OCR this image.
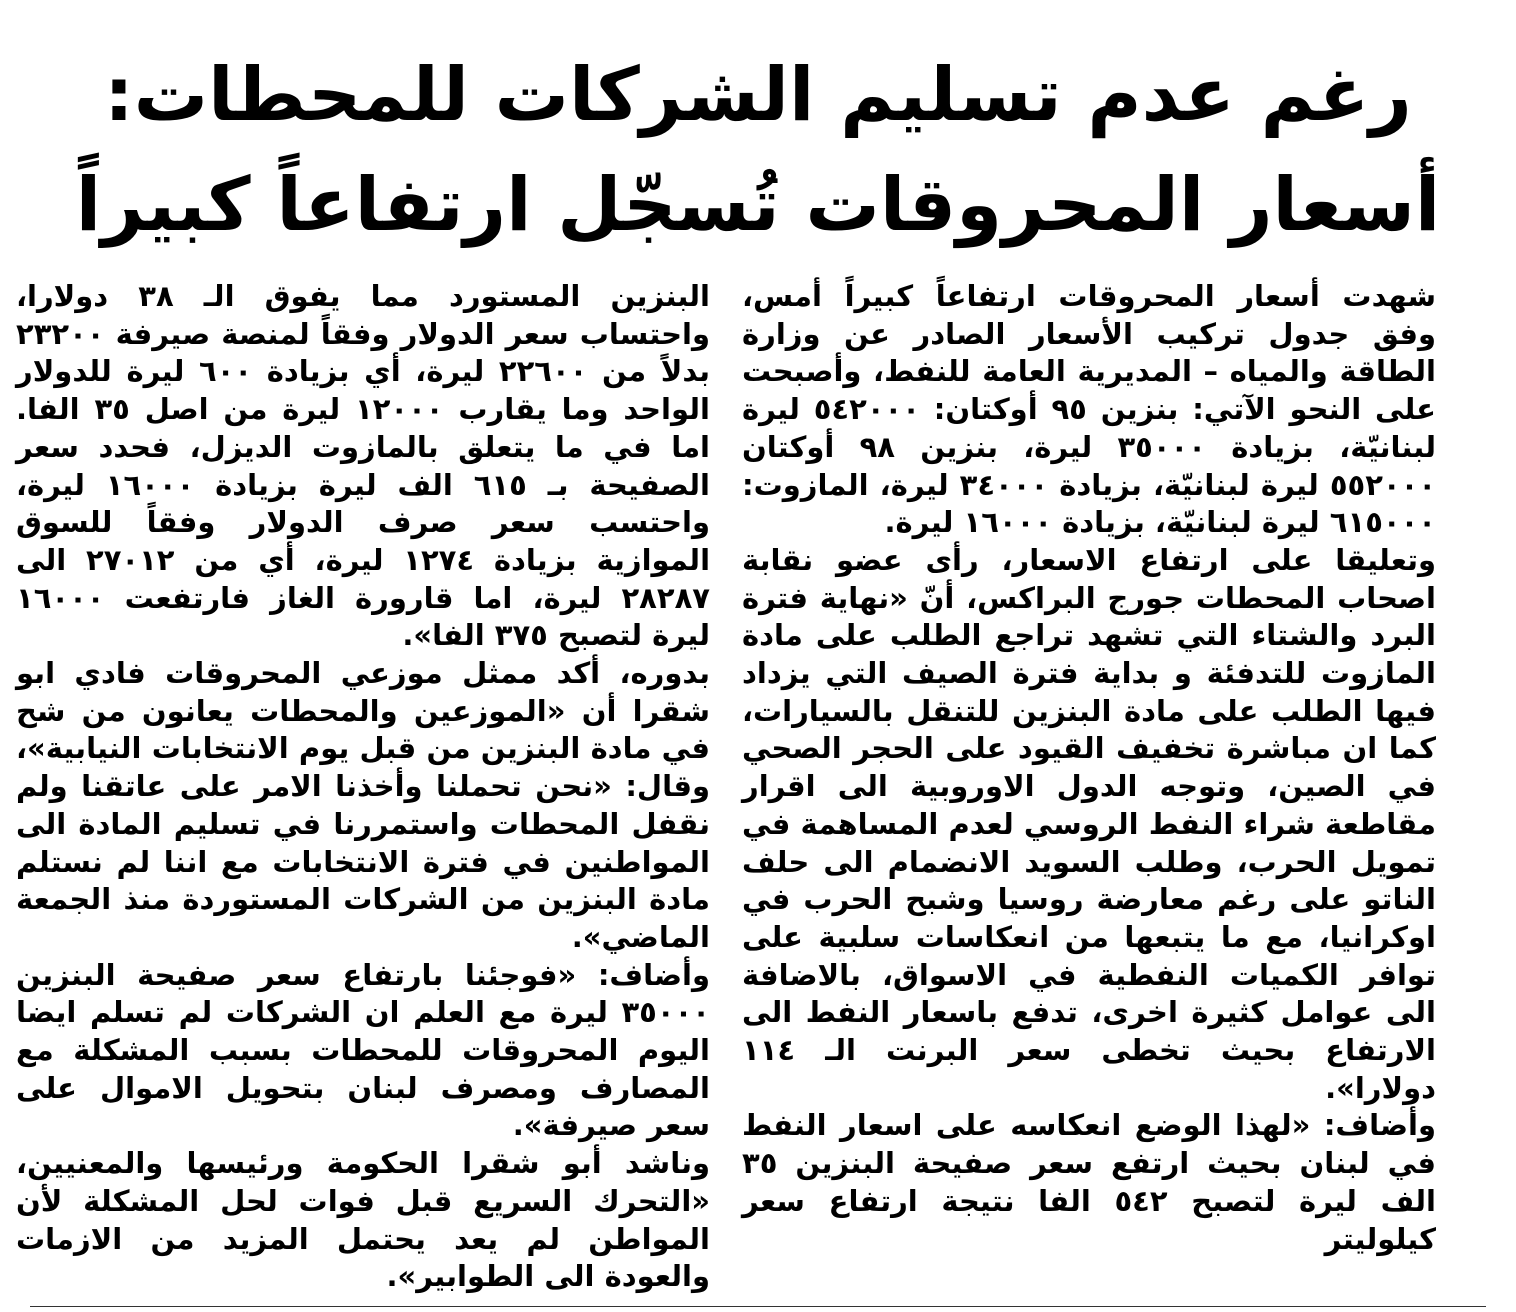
رغم عدم تسليم الشركات للمحطات:
أسعار المحروقات تُسجّل ارتفاعاً كبيراً

شهدت أسعار المحروقات ارتفاعاً كبيراً أمس، وفق جدول تركيب الأسعار الصادر عن وزارة الطاقة والمياه – المديرية العامة للنفط، وأصبحت على النحو الآتي: بنزين ٩٥ أوكتان: ٥٤٢٠٠٠ ليرة لبنانيّة، بزيادة ٣٥٠٠٠ ليرة، بنزين ٩٨ أوكتان ٥٥٢٠٠٠ ليرة لبنانيّة، بزيادة ٣٤٠٠٠ ليرة، المازوت: ٦١٥٠٠٠ ليرة لبنانيّة، بزيادة ١٦٠٠٠ ليرة.

وتعليقا على ارتفاع الاسعار، رأى عضو نقابة اصحاب المحطات جورج البراكس، أنّ «نهاية فترة البرد والشتاء التي تشهد تراجع الطلب على مادة المازوت للتدفئة و بداية فترة الصيف التي يزداد فيها الطلب على مادة البنزين للتنقل بالسيارات، كما ان مباشرة تخفيف القيود على الحجر الصحي في الصين، وتوجه الدول الاوروبية الى اقرار مقاطعة شراء النفط الروسي لعدم المساهمة في تمويل الحرب، وطلب السويد الانضمام الى حلف الناتو على رغم معارضة روسيا وشبح الحرب في اوكرانيا، مع ما يتبعها من انعكاسات سلبية على توافر الكميات النفطية في الاسواق، بالاضافة الى عوامل كثيرة اخرى، تدفع باسعار النفط الى الارتفاع بحيث تخطى سعر البرنت الـ ١١٤ دولارا».

وأضاف: «لهذا الوضع انعكاسه على اسعار النفط في لبنان بحيث ارتفع سعر صفيحة البنزين ٣٥ الف ليرة لتصبح ٥٤٢ الفا نتيجة ارتفاع سعر كيلوليتر

البنزين المستورد مما يفوق الـ ٣٨ دولارا، واحتساب سعر الدولار وفقاً لمنصة صيرفة ٢٣٢٠٠ بدلاً من ٢٢٦٠٠ ليرة، أي بزيادة ٦٠٠ ليرة للدولار الواحد وما يقارب ١٢٠٠٠ ليرة من اصل ٣٥ الفا. اما في ما يتعلق بالمازوت الديزل، فحدد سعر الصفيحة بـ ٦١٥ الف ليرة بزيادة ١٦٠٠٠ ليرة، واحتسب سعر صرف الدولار وفقاً للسوق الموازية بزيادة ١٢٧٤ ليرة، أي من ٢٧٠١٢ الى ٢٨٢٨٧ ليرة، اما قارورة الغاز فارتفعت ١٦٠٠٠ ليرة لتصبح ٣٧٥ الفا».

بدوره، أكد ممثل موزعي المحروقات فادي ابو شقرا أن «الموزعين والمحطات يعانون من شح في مادة البنزين من قبل يوم الانتخابات النيابية»، وقال: «نحن تحملنا وأخذنا الامر على عاتقنا ولم نقفل المحطات واستمررنا في تسليم المادة الى المواطنين في فترة الانتخابات مع اننا لم نستلم مادة البنزين من الشركات المستوردة منذ الجمعة الماضي».

وأضاف: «فوجئنا بارتفاع سعر صفيحة البنزين ٣٥٠٠٠ ليرة مع العلم ان الشركات لم تسلم ايضا اليوم المحروقات للمحطات بسبب المشكلة مع المصارف ومصرف لبنان بتحويل الاموال على سعر صيرفة».

وناشد أبو شقرا الحكومة ورئيسها والمعنيين، «التحرك السريع قبل فوات لحل المشكلة لأن المواطن لم يعد يحتمل المزيد من الازمات والعودة الى الطوابير».
